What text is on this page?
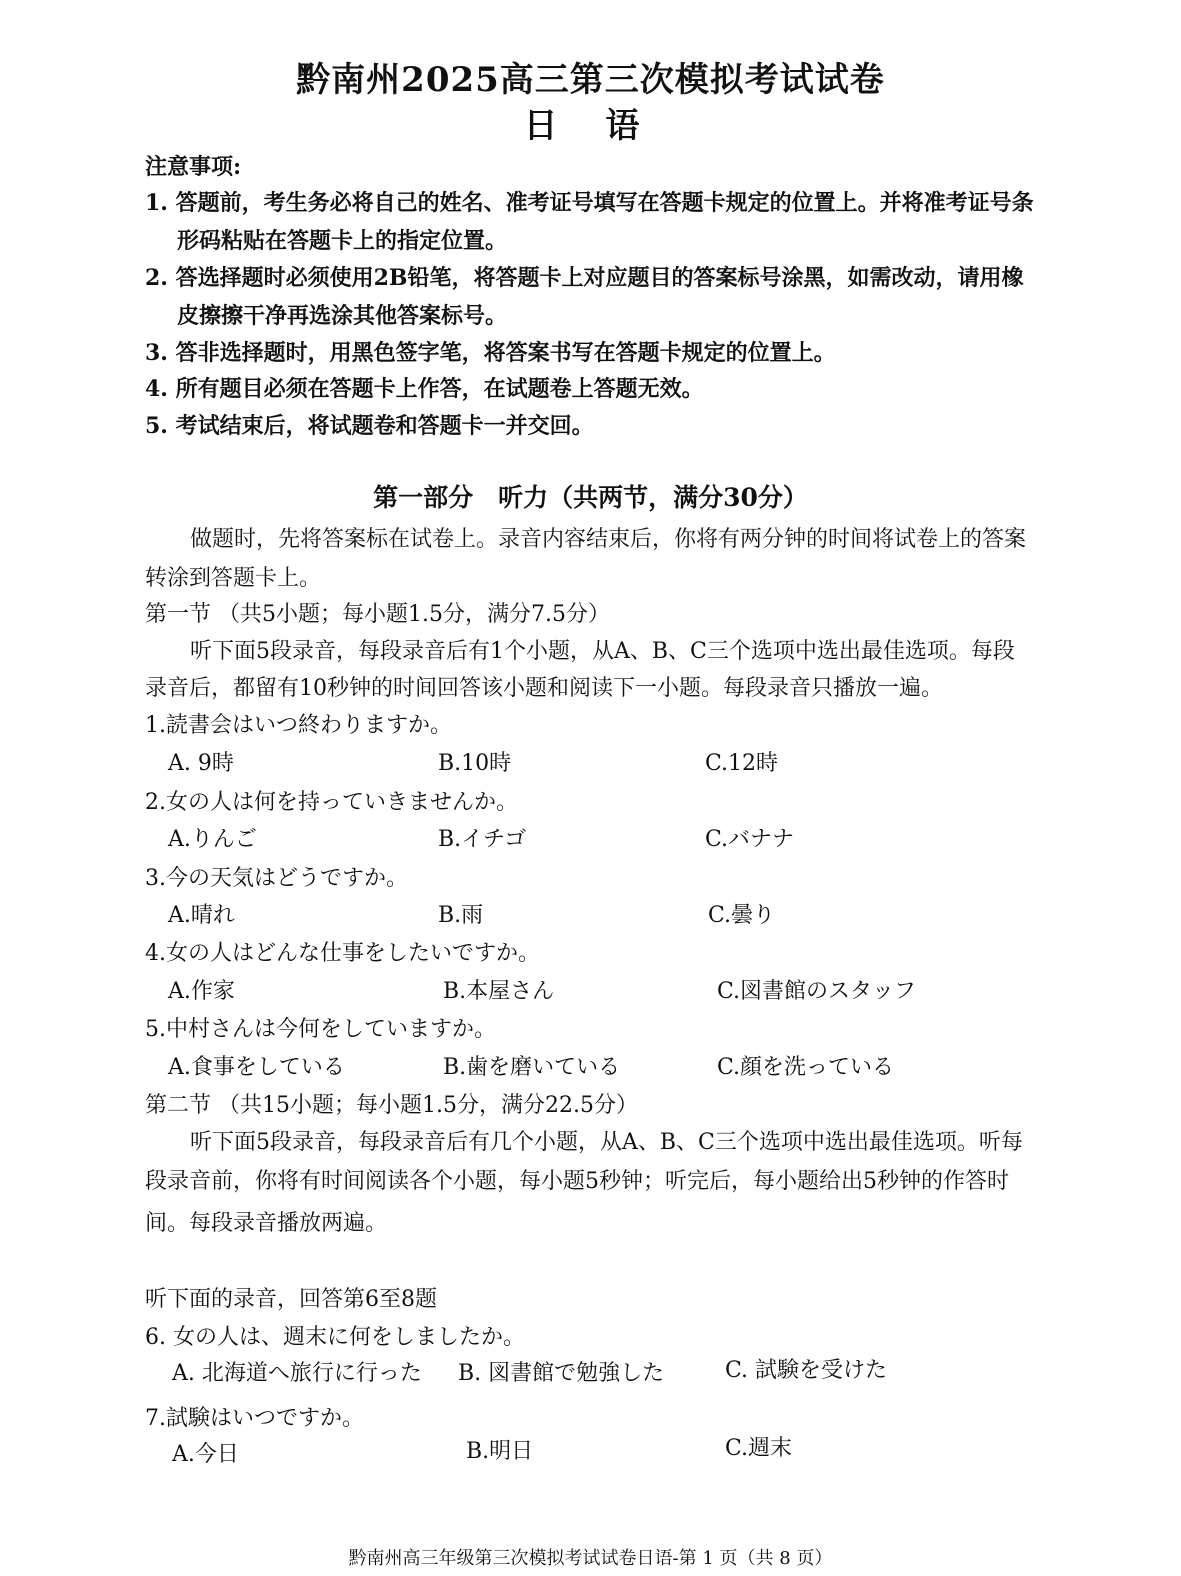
黔南州2025高三第三次模拟考试试卷
日 语
注意事项:
1. 答题前，考生务必将自己的姓名、准考证号填写在答题卡规定的位置上。并将准考证号条
形码粘贴在答题卡上的指定位置。
2. 答选择题时必须使用2B铅笔，将答题卡上对应题目的答案标号涂黑，如需改动，请用橡
皮擦擦干净再选涂其他答案标号。
3. 答非选择题时，用黑色签字笔，将答案书写在答题卡规定的位置上。
4. 所有题目必须在答题卡上作答，在试题卷上答题无效。
5. 考试结束后，将试题卷和答题卡一并交回。
第一部分　听力（共两节，满分30分）
做题时，先将答案标在试卷上。录音内容结束后，你将有两分钟的时间将试卷上的答案
转涂到答题卡上。
第一节 （共5小题；每小题1.5分，满分7.5分）
听下面5段录音，每段录音后有1个小题，从A、B、C三个选项中选出最佳选项。每段
录音后，都留有10秒钟的时间回答该小题和阅读下一小题。每段录音只播放一遍。
1.読書会はいつ終わりますか。
A. 9時	B.10時	C.12時
2.女の人は何を持っていきませんか。
A.りんご	B.イチゴ	C.バナナ
3.今の天気はどうですか。
A.晴れ	B.雨	C.曇り
4.女の人はどんな仕事をしたいですか。
A.作家	B.本屋さん	C.図書館のスタッフ
5.中村さんは今何をしていますか。
A.食事をしている	B.歯を磨いている	C.顔を洗っている
第二节 （共15小题；每小题1.5分，满分22.5分）
听下面5段录音，每段录音后有几个小题，从A、B、C三个选项中选出最佳选项。听每
段录音前，你将有时间阅读各个小题，每小题5秒钟；听完后，每小题给出5秒钟的作答时
间。每段录音播放两遍。
听下面的录音，回答第6至8题
6. 女の人は、週末に何をしましたか。
A. 北海道へ旅行に行った B. 図書館で勉強した	C. 試験を受けた
7.試験はいつですか。
A.今日	B.明日	C.週末
黔南州高三年级第三次模拟考试试卷日语-第 1 页（共 8 页）
